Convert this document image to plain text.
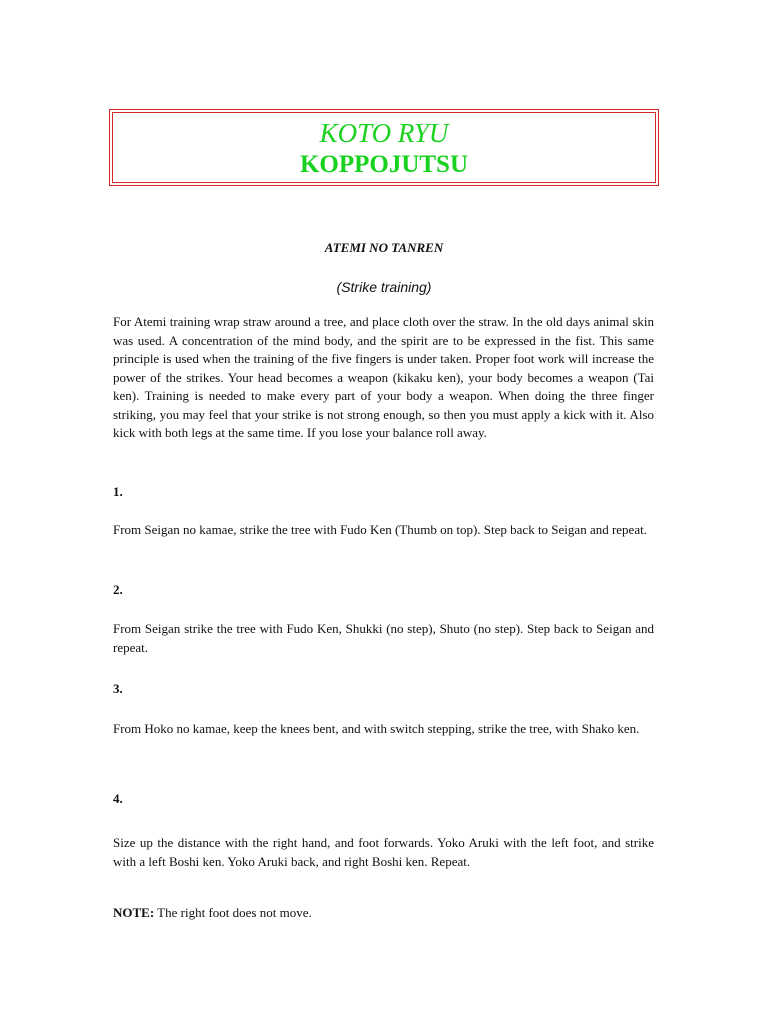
KOTO RYU
KOPPOJUTSU
ATEMI NO TANREN
(Strike training)

For Atemi training wrap straw around a tree, and place cloth over the straw. In the old days animal skin was used. A concentration of the mind body, and the spirit are to be expressed in the fist. This same principle is used when the training of the five fingers is under taken. Proper foot work will increase the power of the strikes. Your head becomes a weapon (kikaku ken), your body becomes a weapon (Tai ken). Training is needed to make every part of your body a weapon. When doing the three finger striking, you may feel that your strike is not strong enough, so then you must apply a kick with it. Also kick with both legs at the same time. If you lose your balance roll away.

1.

From Seigan no kamae, strike the tree with Fudo Ken (Thumb on top). Step back to Seigan and repeat.

2.

From Seigan strike the tree with Fudo Ken, Shukki (no step), Shuto (no step). Step back to Seigan and repeat.

3.

From Hoko no kamae, keep the knees bent, and with switch stepping, strike the tree, with Shako ken.

4.

Size up the distance with the right hand, and foot forwards. Yoko Aruki with the left foot, and strike with a left Boshi ken. Yoko Aruki back, and right Boshi ken. Repeat.

NOTE: The right foot does not move.
